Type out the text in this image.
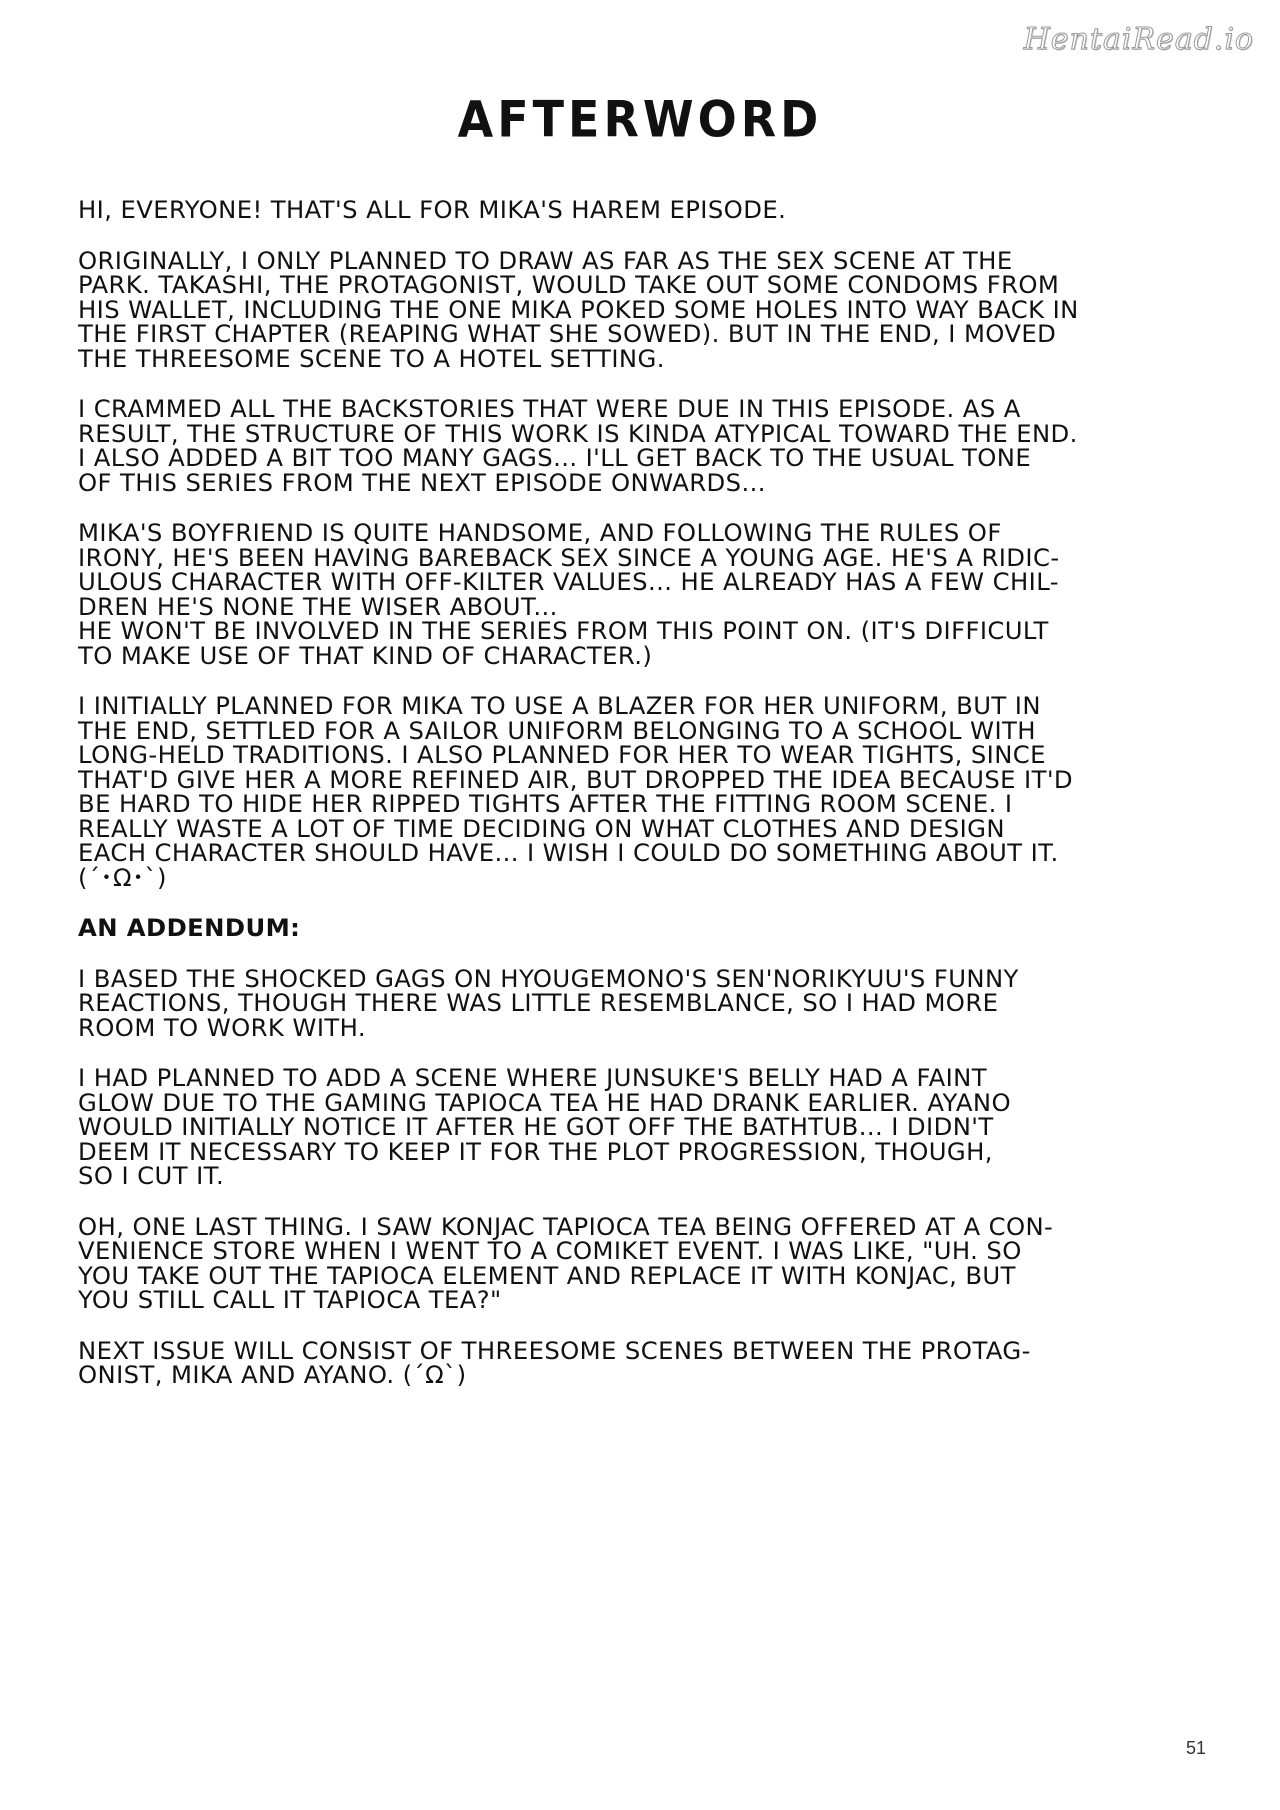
HentaiRead.io
AFTERWORD
HI, EVERYONE! THAT'S ALL FOR MIKA'S HAREM EPISODE.
ORIGINALLY, I ONLY PLANNED TO DRAW AS FAR AS THE SEX SCENE AT THE
PARK. TAKASHI, THE PROTAGONIST, WOULD TAKE OUT SOME CONDOMS FROM
HIS WALLET, INCLUDING THE ONE MIKA POKED SOME HOLES INTO WAY BACK IN
THE FIRST CHAPTER (REAPING WHAT SHE SOWED). BUT IN THE END, I MOVED
THE THREESOME SCENE TO A HOTEL SETTING.
I CRAMMED ALL THE BACKSTORIES THAT WERE DUE IN THIS EPISODE. AS A
RESULT, THE STRUCTURE OF THIS WORK IS KINDA ATYPICAL TOWARD THE END.
I ALSO ADDED A BIT TOO MANY GAGS... I'LL GET BACK TO THE USUAL TONE
OF THIS SERIES FROM THE NEXT EPISODE ONWARDS...
MIKA'S BOYFRIEND IS QUITE HANDSOME, AND FOLLOWING THE RULES OF
IRONY, HE'S BEEN HAVING BAREBACK SEX SINCE A YOUNG AGE. HE'S A RIDIC-
ULOUS CHARACTER WITH OFF-KILTER VALUES... HE ALREADY HAS A FEW CHIL-
DREN HE'S NONE THE WISER ABOUT...
HE WON'T BE INVOLVED IN THE SERIES FROM THIS POINT ON. (IT'S DIFFICULT
TO MAKE USE OF THAT KIND OF CHARACTER.)
I INITIALLY PLANNED FOR MIKA TO USE A BLAZER FOR HER UNIFORM, BUT IN
THE END, SETTLED FOR A SAILOR UNIFORM BELONGING TO A SCHOOL WITH
LONG-HELD TRADITIONS. I ALSO PLANNED FOR HER TO WEAR TIGHTS, SINCE
THAT'D GIVE HER A MORE REFINED AIR, BUT DROPPED THE IDEA BECAUSE IT'D
BE HARD TO HIDE HER RIPPED TIGHTS AFTER THE FITTING ROOM SCENE. I
REALLY WASTE A LOT OF TIME DECIDING ON WHAT CLOTHES AND DESIGN
EACH CHARACTER SHOULD HAVE... I WISH I COULD DO SOMETHING ABOUT IT.
(´･Ω･`)
AN ADDENDUM:
I BASED THE SHOCKED GAGS ON HYOUGEMONO'S SEN'NORIKYUU'S FUNNY
REACTIONS, THOUGH THERE WAS LITTLE RESEMBLANCE, SO I HAD MORE
ROOM TO WORK WITH.
I HAD PLANNED TO ADD A SCENE WHERE JUNSUKE'S BELLY HAD A FAINT
GLOW DUE TO THE GAMING TAPIOCA TEA HE HAD DRANK EARLIER. AYANO
WOULD INITIALLY NOTICE IT AFTER HE GOT OFF THE BATHTUB... I DIDN'T
DEEM IT NECESSARY TO KEEP IT FOR THE PLOT PROGRESSION, THOUGH,
SO I CUT IT.
OH, ONE LAST THING. I SAW KONJAC TAPIOCA TEA BEING OFFERED AT A CON-
VENIENCE STORE WHEN I WENT TO A COMIKET EVENT. I WAS LIKE, "UH. SO
YOU TAKE OUT THE TAPIOCA ELEMENT AND REPLACE IT WITH KONJAC, BUT
YOU STILL CALL IT TAPIOCA TEA?"
NEXT ISSUE WILL CONSIST OF THREESOME SCENES BETWEEN THE PROTAG-
ONIST, MIKA AND AYANO. (´Ω`)
51
